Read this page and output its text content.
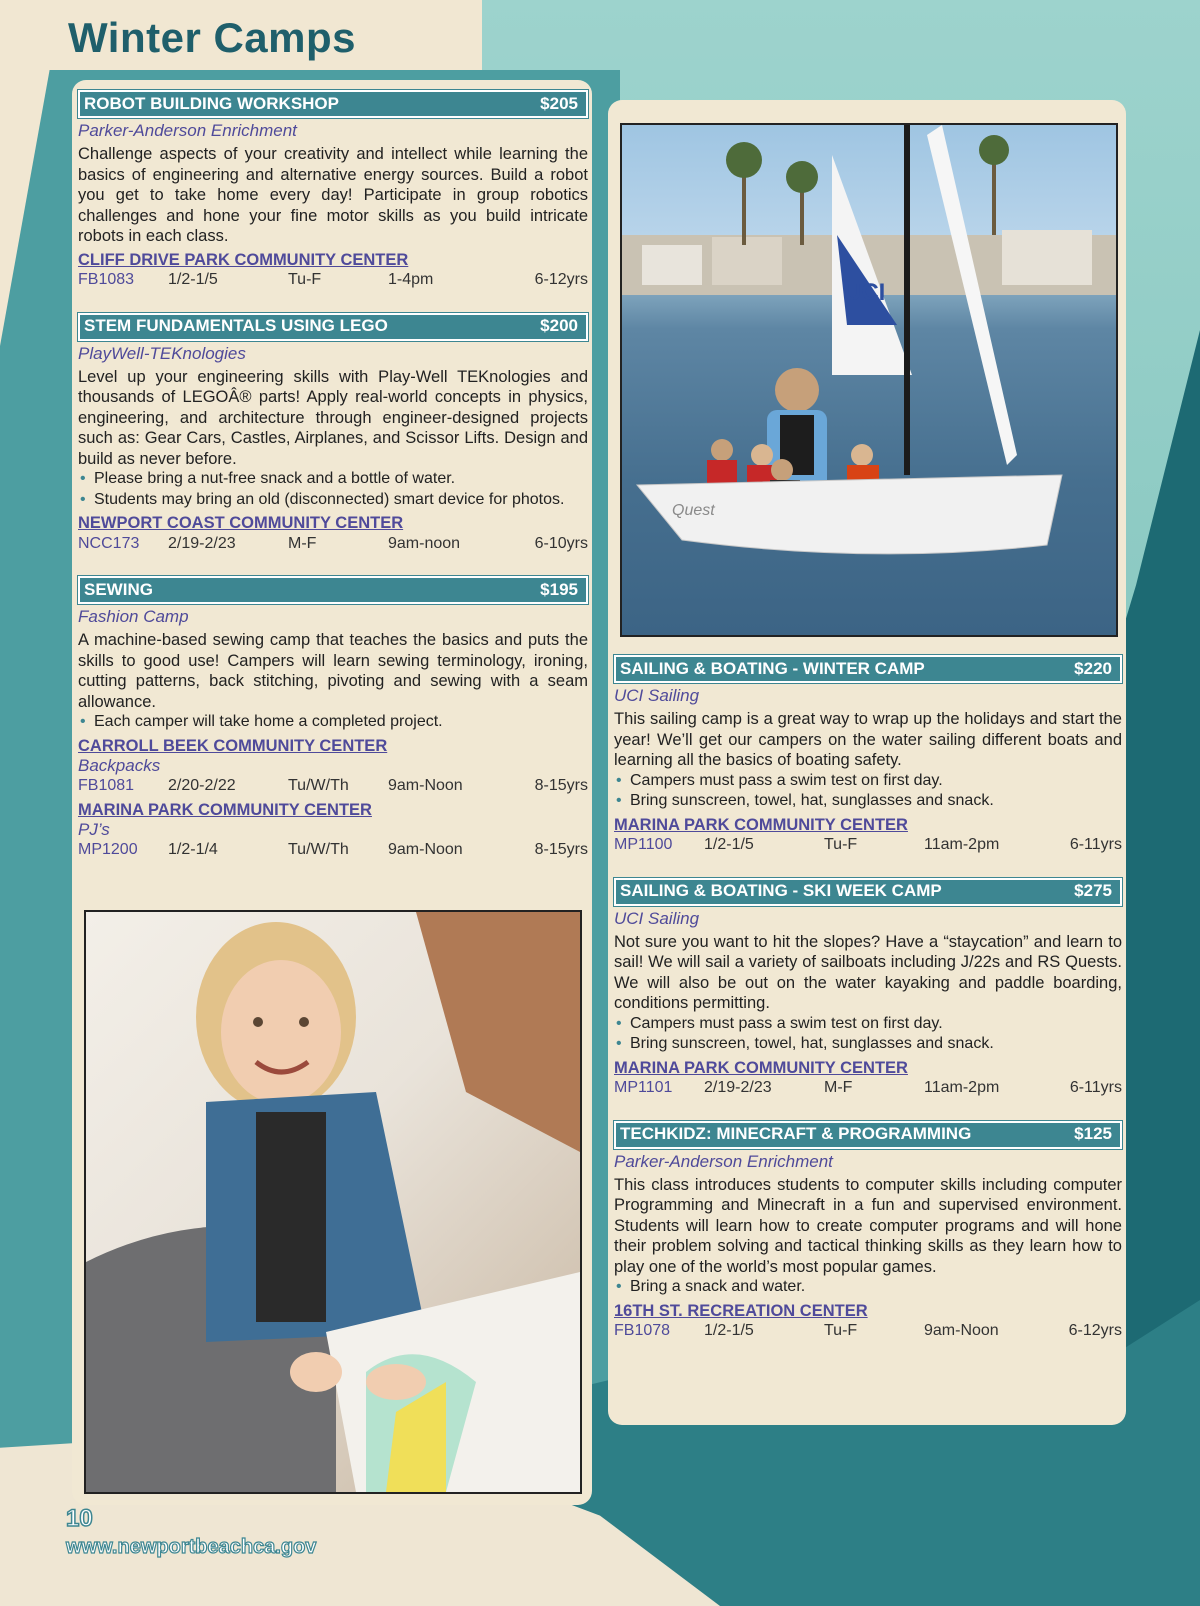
Winter Camps
ROBOT BUILDING WORKSHOP	$205
Parker-Anderson Enrichment
Challenge aspects of your creativity and intellect while learning the basics of engineering and alternative energy sources. Build a robot you get to take home every day! Participate in group robotics challenges and hone your fine motor skills as you build intricate robots in each class.
CLIFF DRIVE PARK COMMUNITY CENTER
FB1083	1/2-1/5	Tu-F	1-4pm	6-12yrs
STEM FUNDAMENTALS USING LEGO	$200
PlayWell-TEKnologies
Level up your engineering skills with Play-Well TEKnologies and thousands of LEGOÂ® parts! Apply real-world concepts in physics, engineering, and architecture through engineer-designed projects such as: Gear Cars, Castles, Airplanes, and Scissor Lifts. Design and build as never before.
• Please bring a nut-free snack and a bottle of water.
• Students may bring an old (disconnected) smart device for photos.
NEWPORT COAST COMMUNITY CENTER
NCC173	2/19-2/23	M-F	9am-noon	6-10yrs
SEWING	$195
Fashion Camp
A machine-based sewing camp that teaches the basics and puts the skills to good use! Campers will learn sewing terminology, ironing, cutting patterns, back stitching, pivoting and sewing with a seam allowance.
• Each camper will take home a completed project.
CARROLL BEEK COMMUNITY CENTER
Backpacks
FB1081	2/20-2/22	Tu/W/Th	9am-Noon	8-15yrs
MARINA PARK COMMUNITY CENTER
PJ’s
MP1200	1/2-1/4	Tu/W/Th	9am-Noon	8-15yrs
UCI
Quest
SAILING & BOATING - WINTER CAMP	$220
UCI Sailing
This sailing camp is a great way to wrap up the holidays and start the year! We’ll get our campers on the water sailing different boats and learning all the basics of boating safety.
• Campers must pass a swim test on first day.
• Bring sunscreen, towel, hat, sunglasses and snack.
MARINA PARK COMMUNITY CENTER
MP1100	1/2-1/5	Tu-F	11am-2pm	6-11yrs
SAILING & BOATING - SKI WEEK CAMP	$275
UCI Sailing
Not sure you want to hit the slopes? Have a “staycation” and learn to sail! We will sail a variety of sailboats including J/22s and RS Quests. We will also be out on the water kayaking and paddle boarding, conditions permitting.
• Campers must pass a swim test on first day.
• Bring sunscreen, towel, hat, sunglasses and snack.
MARINA PARK COMMUNITY CENTER
MP1101	2/19-2/23	M-F	11am-2pm	6-11yrs
TECHKIDZ: MINECRAFT & PROGRAMMING	$125
Parker-Anderson Enrichment
This class introduces students to computer skills including computer Programming and Minecraft in a fun and supervised environment. Students will learn how to create computer programs and will hone their problem solving and tactical thinking skills as they learn how to play one of the world’s most popular games.
• Bring a snack and water.
16TH ST. RECREATION CENTER
FB1078	1/2-1/5	Tu-F	9am-Noon	6-12yrs
10
www.newportbeachca.gov
